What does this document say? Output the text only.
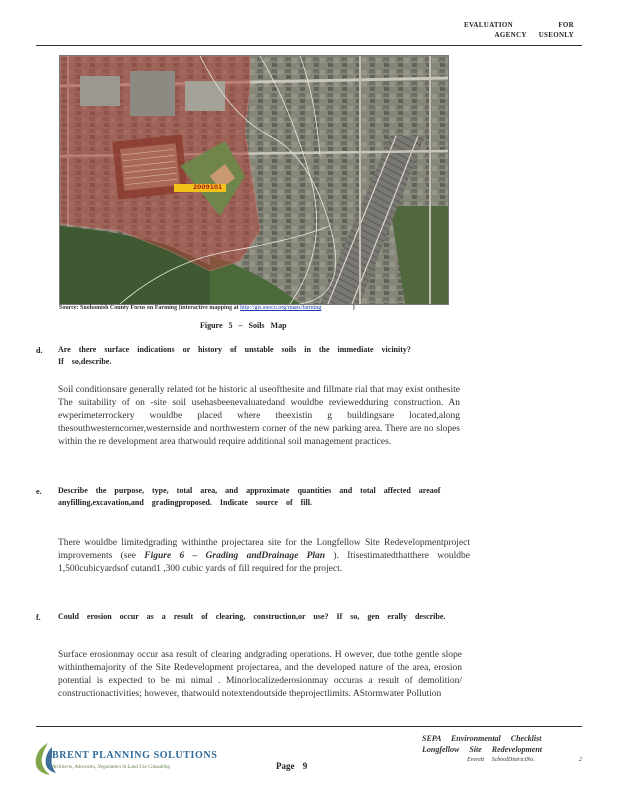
EVALUATION	FOR
AGENCY USEONLY
2009101
Source: Snohomish County Focus on Farming (interactive mapping at http://gis.snoco.org/maps/farming	)
Figure 5 – Soils Map
d. Are there surface indications or history of unstable soils in the immediate vicinity? If so,describe.
Soil conditionsare generally related tot he historic al useofthesite and fillmate rial that may exist onthesite The suitability of on -site soil usehasbeenevaluatedand wouldbe reviewedduring construction. An ewperimeterrockery wouldbe placed where theexistin g buildingsare located,along thesouthwesterncorner,westernside and northwestern corner of the new parking area. There are no slopes within the re development area thatwould require additional soil management practices.
e. Describe the purpose, type, total area, and approximate quantities and total affected areaof anyfilling,excavation,and gradingproposed. Indicate source of fill.
There wouldbe limitedgrading withinthe projectarea site for the Longfellow Site Redevelopmentproject improvements (see Figure 6 – Grading andDrainage Plan ). Itisestimatedthatthere wouldbe 1,500cubicyardsof cutand1 ,300 cubic yards of fill required for the project.
f. Could erosion occur as a result of clearing, construction,or use? If so, gen erally describe.
Surface erosionmay occur asa result of clearing andgrading operations. H owever, due tothe gentle slope withinthemajority of the Site Redevelopment projectarea, and the developed nature of the area, erosion potential is expected to be mi nimal . Minorlocalizederosionmay occuras a result of demolition/ constructionactivities; however, thatwould notextendoutside theprojectlimits. AStormwater Pollution
BRENT PLANNING SOLUTIONS
Architects, Advocates, Negotiators in Land Use Consulting	Page 9
SEPA Environmental Checklist
Longfellow Site Redevelopment
Everett SchoolDistrictNo.	2
